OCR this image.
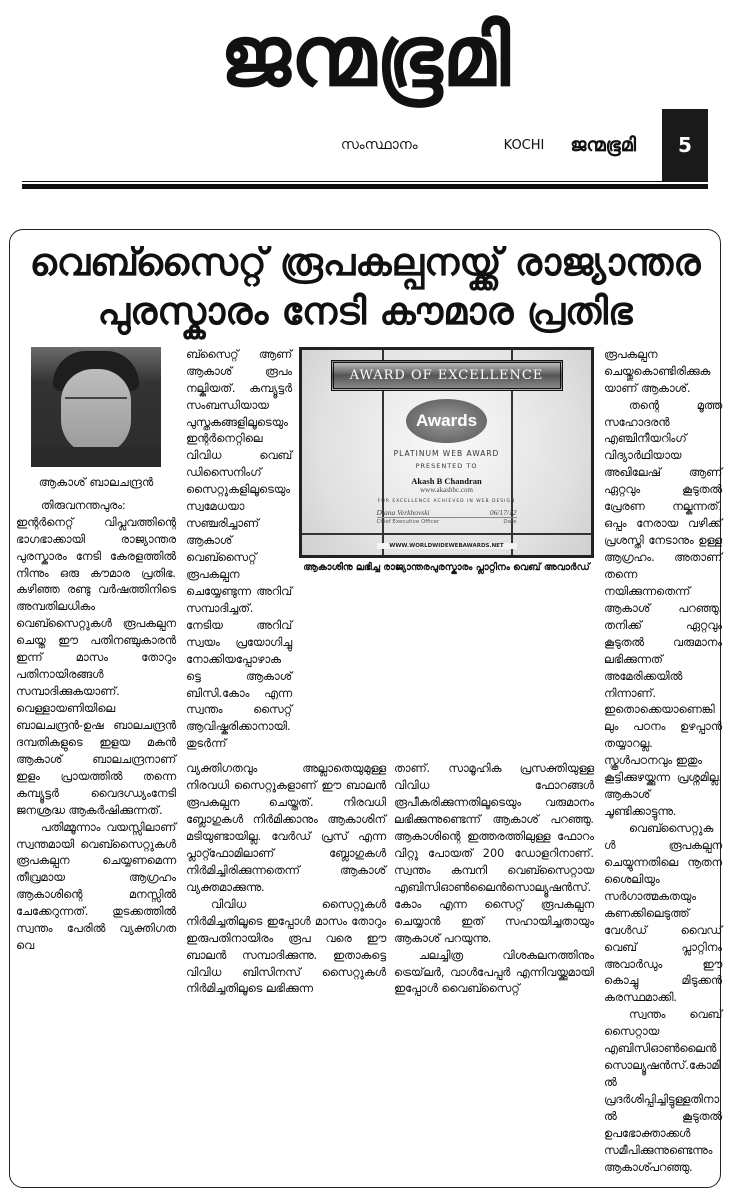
ജന്മഭൂമി
സംസ്ഥാനം	KOCHI ജന്മഭൂമി	5
വെബ്സൈറ്റ് രൂപകല്പനയ്ക്ക് രാജ്യാന്തര
പുരസ്കാരം നേടി കൗമാര പ്രതിഭ
ആകാശ് ബാലചന്ദ്രൻ

തിരുവനന്തപുരം: ഇന്റർനെറ്റ് വിപ്ലവത്തിന്റെ ഭാഗഭാക്കായി രാജ്യാന്തര പുരസ്കാരം നേടി കേരളത്തിൽ നിന്നും ഒരു കൗമാര പ്രതിഭ. കഴിഞ്ഞ രണ്ടു വർഷത്തിനിടെ അമ്പതിലധികം വെബ്സൈറ്റുകൾ രൂപകല്പന ചെയ്ത ഈ പതിനഞ്ചുകാരൻ ഇന്ന് മാസം തോറും പതിനായിരങ്ങൾ സമ്പാദിക്കുകയാണ്. വെള്ളായണിയിലെ ബാലചന്ദ്രൻ-ഉഷ ബാലചന്ദ്രൻ ദമ്പതികളുടെ ഇളയ മകൻ ആകാശ് ബാലചന്ദ്രനാണ് ഇളം പ്രായത്തിൽ തന്നെ കമ്പ്യൂട്ടർ വൈദഗ്ധ്യംനേടി ജനശ്രദ്ധ ആകർഷിക്കുന്നത്.

പതിമ്മൂന്നാം വയസ്സിലാണ് സ്വന്തമായി വെബ്സൈറ്റുകൾ രൂപകല്പന ചെയ്യണമെന്ന തീവ്രമായ ആഗ്രഹം ആകാശിന്റെ മനസ്സിൽ ചേക്കേറുന്നത്. തുടക്കത്തിൽ സ്വന്തം പേരിൽ വ്യക്തിഗത വെ

ബ്സൈറ്റ് ആണ് ആകാശ് രൂപം നല്കിയത്. കമ്പ്യൂട്ടർ സംബന്ധിയായ പുസ്തകങ്ങളിലൂടെയും ഇന്റർനെറ്റിലെ വിവിധ വെബ് ഡിസൈനിംഗ് സൈറ്റുകളിലൂടെയും സ്വമേധയാ സഞ്ചരിച്ചാണ് ആകാശ് വെബ്സൈറ്റ് രൂപകല്പന ചെയ്യേണ്ടുന്ന അറിവ് സമ്പാദിച്ചത്. നേടിയ അറിവ് സ്വയം പ്രയോഗിച്ചു നോക്കിയപ്പോഴാകട്ടെ ആകാശ് ബിസി.കോം എന്ന സ്വന്തം സൈറ്റ് ആവിഷ്കരിക്കാനായി. തുടർന്ന്

AWARD OF EXCELLENCE
Awards
PLATINUM WEB AWARD
PRESENTED TO
Akash B Chandran
www.akashbc.com
FOR EXCELLENCE ACHIEVED IN WEB DESIGN
Diana Verkhovski	06/17/12
Chief Executive Officer	Date
WWW.WORLDWIDEWEBAWARDS.NET
ആകാശിനു ലഭിച്ച രാജ്യാന്തരപുരസ്കാരം പ്ലാറ്റിനം വെബ് അവാർഡ്

വ്യക്തിഗതവും അല്ലാതെയുമുള്ള നിരവധി സൈറ്റുകളാണ് ഈ ബാലൻ രൂപകല്പന ചെയ്തത്. നിരവധി ബ്ലോഗുകൾ നിർമിക്കാനും ആകാശിന് മടിയുണ്ടായില്ല. വേർഡ് പ്രസ് എന്ന പ്ലാറ്റ്ഫോമിലാണ് ബ്ലോഗുകൾ നിർമിച്ചിരിക്കുന്നതെന്ന് ആകാശ് വ്യക്തമാക്കുന്നു.

വിവിധ സൈറ്റുകൾ നിർമിച്ചതിലൂടെ ഇപ്പോൾ മാസം തോറും ഇരുപതിനായിരം രൂപ വരെ ഈ ബാലൻ സമ്പാദിക്കുന്നു. ഇതാകട്ടെ വിവിധ ബിസിനസ് സൈറ്റുകൾ നിർമിച്ചതിലൂടെ ലഭിക്കുന്ന

താണ്. സാമൂഹിക പ്രസക്തിയുള്ള വിവിധ ഫോറങ്ങൾ രൂപീകരിക്കുന്നതിലൂടെയും വരുമാനം ലഭിക്കുന്നുണ്ടെന്ന് ആകാശ് പറഞ്ഞു. ആകാശിന്റെ ഇത്തരത്തിലുള്ള ഫോറം വിറ്റു പോയത് 200 ഡോളറിനാണ്. സ്വന്തം കമ്പനി വെബ്സൈറ്റായ എബിസിഓൺലൈൻസൊല്യൂഷൻസ്.കോം എന്ന സൈറ്റ് രൂപകല്പന ചെയ്യാൻ ഇത് സഹായിച്ചതായും ആകാശ് പറയുന്നു.

ചലച്ചിത്ര വിശകലനത്തിനും ട്രെയ്‌ലർ, വാൾപേപ്പർ എന്നിവയ്ക്കുമായി ഇപ്പോൾ വൈബ്സൈറ്റ്

രൂപകല്പന ചെയ്തുകൊണ്ടിരിക്കുകയാണ് ആകാശ്.

തന്റെ മൂത്ത സഹോദരൻ എഞ്ചിനീയറിംഗ് വിദ്യാർഥിയായ അഖിലേഷ് ആണ് ഏറ്റവും കൂടുതൽ പ്രേരണ നല്കുന്നത്. ഒപ്പം നേരായ വഴിക്ക് പ്രശസ്തി നേടാനും ഉള്ള ആഗ്രഹം. അതാണ് തന്നെ നയിക്കുന്നതെന്ന് ആകാശ് പറഞ്ഞു. തനിക്ക് ഏറ്റവും കൂടുതൽ വരുമാനം ലഭിക്കുന്നത് അമേരിക്കയിൽ നിന്നാണ്. ഇതൊക്കെയാണെങ്കിലും പഠനം ഉഴപ്പാൻ തയ്യാറല്ല. സ്കൂൾപഠനവും ഇതും

കൂട്ടിക്കുഴയ്ക്കുന്ന പ്രശ്നമില്ല. ആകാശ് ചൂണ്ടിക്കാട്ടുന്നു.

വെബ്സൈറ്റുകൾ രൂപകല്പന ചെയ്യുന്നതിലെ നൂതന ശൈലിയും സർഗാത്മകതയും കണക്കിലെടുത്ത് വേൾഡ് വൈഡ് വെബ് പ്ലാറ്റിനം അവാർഡും ഈ കൊച്ചു മിടുക്കൻ കരസ്ഥമാക്കി.

സ്വന്തം വെബ് സൈറ്റായ എബിസിഓൺലൈൻസൊല്യൂഷൻസ്.കോമിൽ പ്രദർശിപ്പിച്ചിട്ടുള്ളതിനാൽ കൂടുതൽ ഉപഭോക്താക്കൾ സമീപിക്കുന്നുണ്ടെന്നും ആകാശ്പറഞ്ഞു.
